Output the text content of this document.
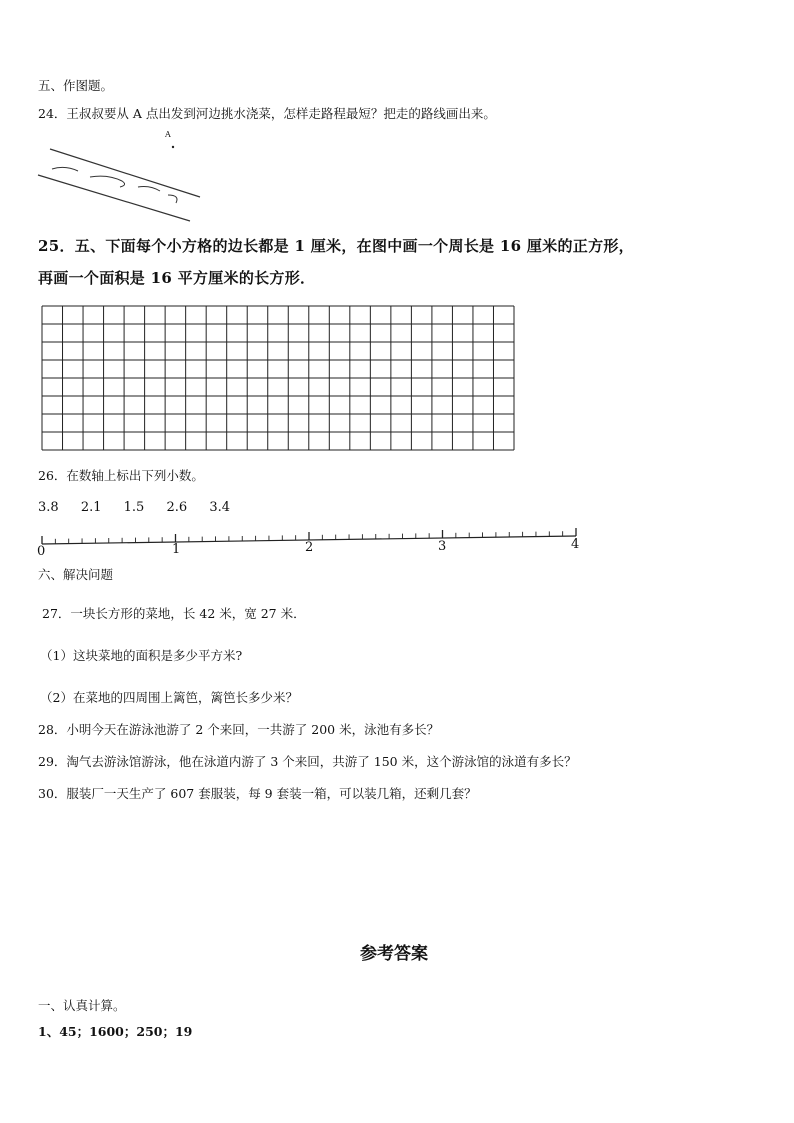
五、作图题。
24．王叔叔要从 A 点出发到河边挑水浇菜，怎样走路程最短？把走的路线画出来。
A
25．五、下面每个小方格的边长都是 1 厘米，在图中画一个周长是 16 厘米的正方形，
再画一个面积是 16 平方厘米的长方形．
26．在数轴上标出下列小数。
3.8 2.1 1.5 2.6 3.4
0	1	2	3	4
六、解决问题
27．一块长方形的菜地，长 42 米，宽 27 米．
（1）这块菜地的面积是多少平方米?
（2）在菜地的四周围上篱笆，篱笆长多少米？
28．小明今天在游泳池游了 2 个来回，一共游了 200 米，泳池有多长？
29．淘气去游泳馆游泳，他在泳道内游了 3 个来回，共游了 150 米，这个游泳馆的泳道有多长？
30．服装厂一天生产了 607 套服装，每 9 套装一箱，可以装几箱，还剩几套？
参考答案
一、认真计算。
1、45；1600；250；19
